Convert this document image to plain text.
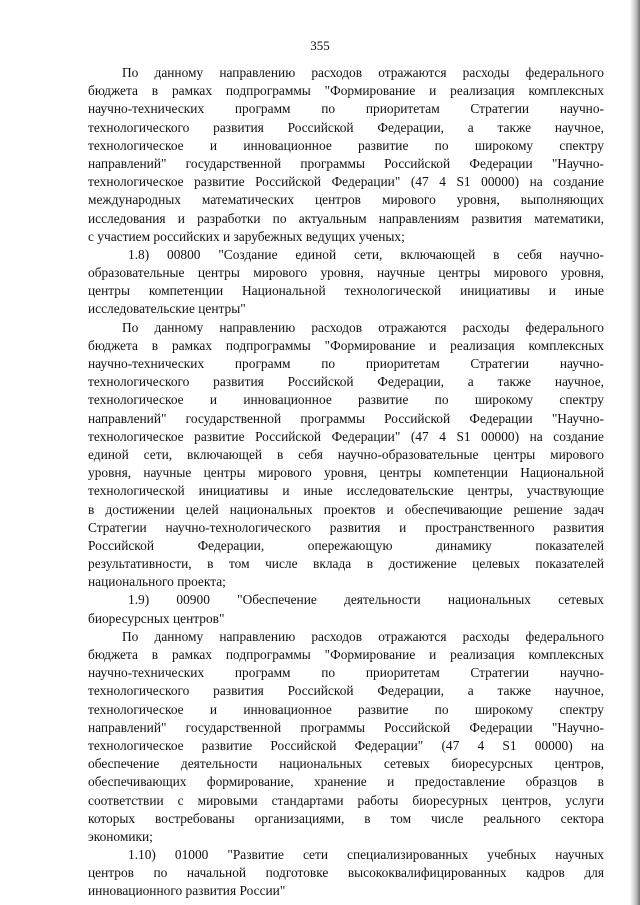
355
По данному направлению расходов отражаются расходы федерального
бюджета в рамках подпрограммы "Формирование и реализация комплексных
научно-технических программ по приоритетам Стратегии научно-
технологического развития Российской Федерации, а также научное,
технологическое и инновационное развитие по широкому спектру
направлений" государственной программы Российской Федерации "Научно-
технологическое развитие Российской Федерации" (47 4 S1 00000) на создание
международных математических центров мирового уровня, выполняющих
исследования и разработки по актуальным направлениям развития математики,
с участием российских и зарубежных ведущих ученых;
1.8) 00800 "Создание единой сети, включающей в себя научно-
образовательные центры мирового уровня, научные центры мирового уровня,
центры компетенции Национальной технологической инициативы и иные
исследовательские центры"
По данному направлению расходов отражаются расходы федерального
бюджета в рамках подпрограммы "Формирование и реализация комплексных
научно-технических программ по приоритетам Стратегии научно-
технологического развития Российской Федерации, а также научное,
технологическое и инновационное развитие по широкому спектру
направлений" государственной программы Российской Федерации "Научно-
технологическое развитие Российской Федерации" (47 4 S1 00000) на создание
единой сети, включающей в себя научно-образовательные центры мирового
уровня, научные центры мирового уровня, центры компетенции Национальной
технологической инициативы и иные исследовательские центры, участвующие
в достижении целей национальных проектов и обеспечивающие решение задач
Стратегии научно-технологического развития и пространственного развития
Российской Федерации, опережающую динамику показателей
результативности, в том числе вклада в достижение целевых показателей
национального проекта;
1.9) 00900 "Обеспечение деятельности национальных сетевых
биоресурсных центров"
По данному направлению расходов отражаются расходы федерального
бюджета в рамках подпрограммы "Формирование и реализация комплексных
научно-технических программ по приоритетам Стратегии научно-
технологического развития Российской Федерации, а также научное,
технологическое и инновационное развитие по широкому спектру
направлений" государственной программы Российской Федерации "Научно-
технологическое развитие Российской Федерации" (47 4 S1 00000) на
обеспечение деятельности национальных сетевых биоресурсных центров,
обеспечивающих формирование, хранение и предоставление образцов в
соответствии с мировыми стандартами работы биоресурных центров, услуги
которых востребованы организациями, в том числе реального сектора
экономики;
1.10) 01000 "Развитие сети специализированных учебных научных
центров по начальной подготовке высококвалифицированных кадров для
инновационного развития России"
